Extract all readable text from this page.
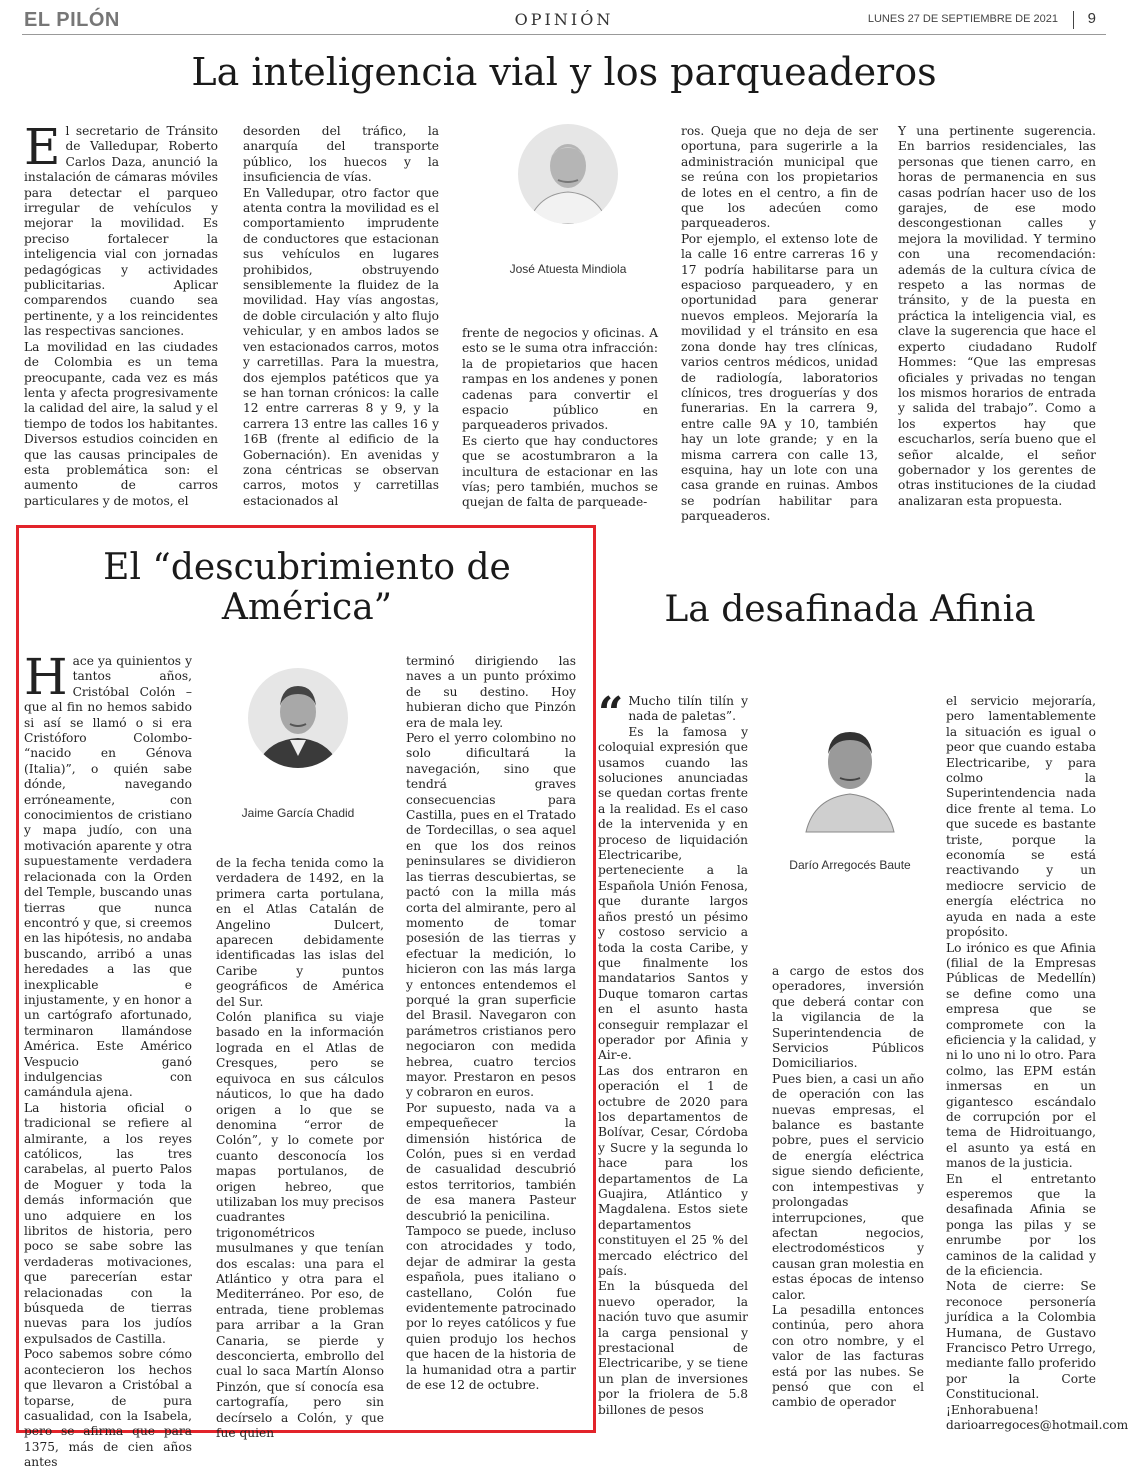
EL PILÓN	OPINIÓN	LUNES 27 DE SEPTIEMBRE DE 2021 9
La inteligencia vial y los parqueaderos

El secretario de Tránsito de Valledupar, Roberto Carlos Daza, anunció la instalación de cámaras móviles para detectar el parqueo irregular de vehículos y mejorar la movilidad. Es preciso fortalecer la inteligencia vial con jornadas pedagógicas y actividades publicitarias. Aplicar comparendos cuando sea pertinente, y a los reincidentes las respectivas sanciones.

La movilidad en las ciudades de Colombia es un tema preocupante, cada vez es más lenta y afecta progresivamente la calidad del aire, la salud y el tiempo de todos los habitantes. Diversos estudios coinciden en que las causas principales de esta problemática son: el aumento de carros particulares y de motos, el

desorden del tráfico, la anarquía del transporte público, los huecos y la insuficiencia de vías.

En Valledupar, otro factor que atenta contra la movilidad es el comportamiento imprudente de conductores que estacionan sus vehículos en lugares prohibidos, obstruyendo sensiblemente la fluidez de la movilidad. Hay vías angostas, de doble circulación y alto flujo vehicular, y en ambos lados se ven estacionados carros, motos y carretillas. Para la muestra, dos ejemplos patéticos que ya se han tornan crónicos: la calle 12 entre carreras 8 y 9, y la carrera 13 entre las calles 16 y 16B (frente al edificio de la Gobernación). En avenidas y zona céntricas se observan carros, motos y carretillas estacionados al

José Atuesta Mindiola

frente de negocios y oficinas. A esto se le suma otra infracción: la de propietarios que hacen rampas en los andenes y ponen cadenas para convertir el espacio público en parqueaderos privados.

Es cierto que hay conductores que se acostumbraron a la incultura de estacionar en las vías; pero también, muchos se quejan de falta de parqueade-

ros. Queja que no deja de ser oportuna, para sugerirle a la administración municipal que se reúna con los propietarios de lotes en el centro, a fin de que los adecúen como parqueaderos.

Por ejemplo, el extenso lote de la calle 16 entre carreras 16 y 17 podría habilitarse para un espacioso parqueadero, y en oportunidad para generar nuevos empleos. Mejoraría la movilidad y el tránsito en esa zona donde hay tres clínicas, varios centros médicos, unidad de radiología, laboratorios clínicos, tres droguerías y dos funerarias. En la carrera 9, entre calle 9A y 10, también hay un lote grande; y en la misma carrera con calle 13, esquina, hay un lote con una casa grande en ruinas. Ambos se podrían habilitar para parqueaderos.

Y una pertinente sugerencia. En barrios residenciales, las personas que tienen carro, en horas de permanencia en sus casas podrían hacer uso de los garajes, de ese modo descongestionan calles y mejora la movilidad. Y termino con una recomendación: además de la cultura cívica de respeto a las normas de tránsito, y de la puesta en práctica la inteligencia vial, es clave la sugerencia que hace el experto ciudadano Rudolf Hommes: “Que las empresas oficiales y privadas no tengan los mismos horarios de entrada y salida del trabajo”. Como a los expertos hay que escucharlos, sería bueno que el señor alcalde, el señor gobernador y los gerentes de otras instituciones de la ciudad analizaran esta propuesta.

El “descubrimiento de
América”

Hace ya quinientos y tantos años, Cristóbal Colón –que al fin no hemos sabido si así se llamó o si era Cristóforo Colombo- “nacido en Génova (Italia)”, o quién sabe dónde, navegando erróneamente, con conocimientos de cristiano y mapa judío, con una motivación aparente y otra supuestamente verdadera relacionada con la Orden del Temple, buscando unas tierras que nunca encontró y que, si creemos en las hipótesis, no andaba buscando, arribó a unas heredades a las que inexplicable e injustamente, y en honor a un cartógrafo afortunado, terminaron llamándose América. Este Américo Vespucio ganó indulgencias con camándula ajena.

La historia oficial o tradicional se refiere al almirante, a los reyes católicos, las tres carabelas, al puerto Palos de Moguer y toda la demás información que uno adquiere en los libritos de historia, pero poco se sabe sobre las verdaderas motivaciones, que parecerían estar relacionadas con la búsqueda de tierras nuevas para los judíos expulsados de Castilla.

Poco sabemos sobre cómo acontecieron los hechos que llevaron a Cristóbal a toparse, de pura casualidad, con la Isabela, pero se afirma que para 1375, más de cien años antes

Jaime García Chadid

de la fecha tenida como la verdadera de 1492, en la primera carta portulana, en el Atlas Catalán de Angelino Dulcert, aparecen debidamente identificadas las islas del Caribe y puntos geográficos de América del Sur.

Colón planifica su viaje basado en la información lograda en el Atlas de Cresques, pero se equivoca en sus cálculos náuticos, lo que ha dado origen a lo que se denomina “error de Colón”, y lo comete por cuanto desconocía los mapas portulanos, de origen hebreo, que utilizaban los muy precisos cuadrantes trigonométricos musulmanes y que tenían dos escalas: una para el Atlántico y otra para el Mediterráneo. Por eso, de entrada, tiene problemas para arribar a la Gran Canaria, se pierde y desconcierta, embrollo del cual lo saca Martín Alonso Pinzón, que sí conocía esa cartografía, pero sin decírselo a Colón, y que fue quien

terminó dirigiendo las naves a un punto próximo de su destino. Hoy hubieran dicho que Pinzón era de mala ley.

Pero el yerro colombino no solo dificultará la navegación, sino que tendrá graves consecuencias para Castilla, pues en el Tratado de Tordecillas, o sea aquel en que los dos reinos peninsulares se dividieron las tierras descubiertas, se pactó con la milla más corta del almirante, pero al momento de tomar posesión de las tierras y efectuar la medición, lo hicieron con las más larga y entonces entendemos el porqué la gran superficie del Brasil. Navegaron con parámetros cristianos pero negociaron con medida hebrea, cuatro tercios mayor. Prestaron en pesos y cobraron en euros.

Por supuesto, nada va a empequeñecer la dimensión histórica de Colón, pues si en verdad de casualidad descubrió estos territorios, también de esa manera Pasteur descubrió la penicilina.

Tampoco se puede, incluso con atrocidades y todo, dejar de admirar la gesta española, pues italiano o castellano, Colón fue evidentemente patrocinado por lo reyes católicos y fue quien produjo los hechos que hacen de la historia de la humanidad otra a partir de ese 12 de octubre.

La desafinada Afinia

“ Mucho tilín tilín y nada de paletas”.

Es la famosa y coloquial expresión que usamos cuando las soluciones anunciadas se quedan cortas frente a la realidad. Es el caso de la intervenida y en proceso de liquidación Electricaribe, perteneciente a la Española Unión Fenosa, que durante largos años prestó un pésimo y costoso servicio a toda la costa Caribe, y que finalmente los mandatarios Santos y Duque tomaron cartas en el asunto hasta conseguir remplazar el operador por Afinia y Air-e.

Las dos entraron en operación el 1 de octubre de 2020 para los departamentos de Bolívar, Cesar, Córdoba y Sucre y la segunda lo hace para los departamentos de La Guajira, Atlántico y Magdalena. Estos siete departamentos constituyen el 25 % del mercado eléctrico del país.

En la búsqueda del nuevo operador, la nación tuvo que asumir la carga pensional y prestacional de Electricaribe, y se tiene un plan de inversiones por la friolera de 5.8 billones de pesos

Darío Arregocés Baute

a cargo de estos dos operadores, inversión que deberá contar con la vigilancia de la Superintendencia de Servicios Públicos Domiciliarios.

Pues bien, a casi un año de operación con las nuevas empresas, el balance es bastante pobre, pues el servicio de energía eléctrica sigue siendo deficiente, con intempestivas y prolongadas interrupciones, que afectan negocios, electrodomésticos y causan gran molestia en estas épocas de intenso calor.

La pesadilla entonces continúa, pero ahora con otro nombre, y el valor de las facturas está por las nubes. Se pensó que con el cambio de operador

el servicio mejoraría, pero lamentablemente la situación es igual o peor que cuando estaba Electricaribe, y para colmo la Superintendencia nada dice frente al tema. Lo que sucede es bastante triste, porque la economía se está reactivando y un mediocre servicio de energía eléctrica no ayuda en nada a este propósito.

Lo irónico es que Afinia (filial de la Empresas Públicas de Medellín) se define como una empresa que se compromete con la eficiencia y la calidad, y ni lo uno ni lo otro. Para colmo, las EPM están inmersas en un gigantesco escándalo de corrupción por el tema de Hidroituango, el asunto ya está en manos de la justicia.

En el entretanto esperemos que la desafinada Afinia se ponga las pilas y se enrumbe por los caminos de la calidad y de la eficiencia.

Nota de cierre: Se reconoce personería jurídica a la Colombia Humana, de Gustavo Francisco Petro Urrego, mediante fallo proferido por la Corte Constitucional. ¡Enhorabuena! darioarregoces@hotmail.com
